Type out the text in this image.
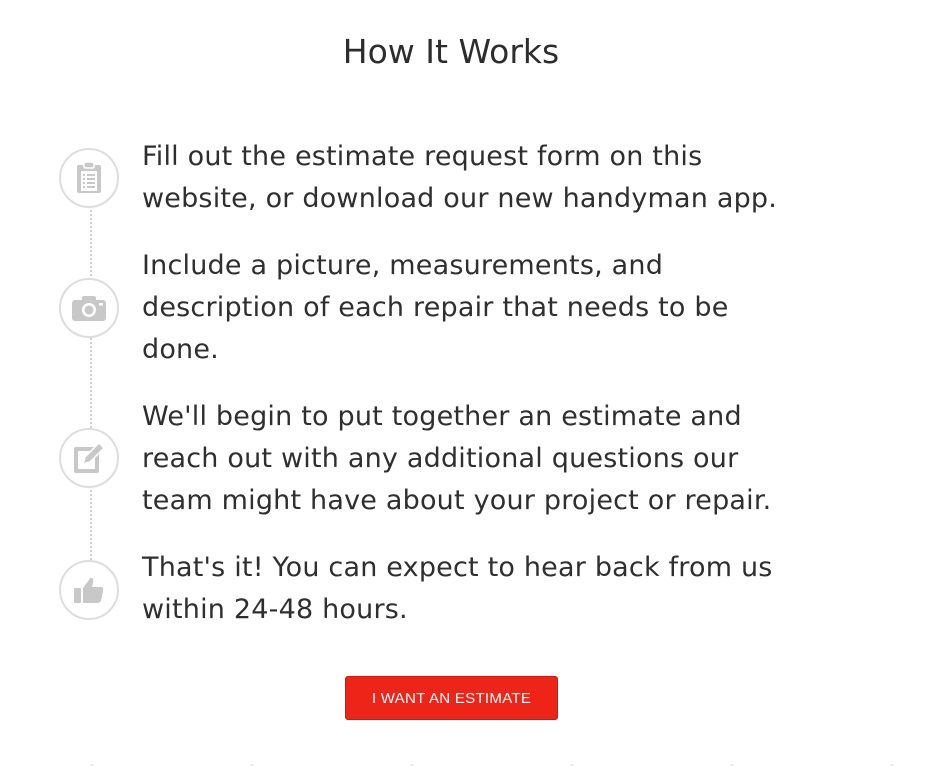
How It Works

Fill out the estimate request form on this
website, or download our new handyman app.

Include a picture, measurements, and
description of each repair that needs to be
done.

We'll begin to put together an estimate and
reach out with any additional questions our
team might have about your project or repair.

That's it! You can expect to hear back from us
within 24-48 hours.

I WANT AN ESTIMATE
